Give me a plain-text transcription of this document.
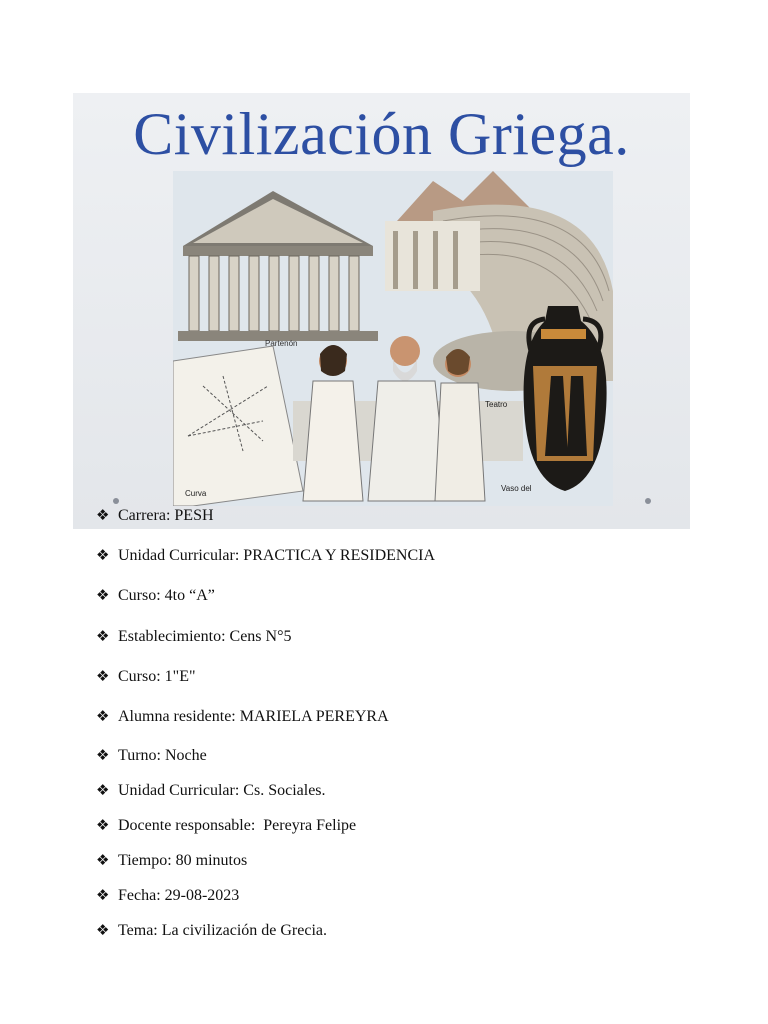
Civilización Griega.
Partenón
Curva
Teatro
Vaso del
❖ Carrera: PESH
❖ Unidad Curricular: PRACTICA Y RESIDENCIA
❖ Curso: 4to “A”
❖ Establecimiento: Cens N°5
❖ Curso: 1"E"
❖ Alumna residente: MARIELA PEREYRA
❖ Turno: Noche
❖ Unidad Curricular: Cs. Sociales.
❖ Docente responsable:  Pereyra Felipe
❖ Tiempo: 80 minutos
❖ Fecha: 29-08-2023
❖ Tema: La civilización de Grecia.
